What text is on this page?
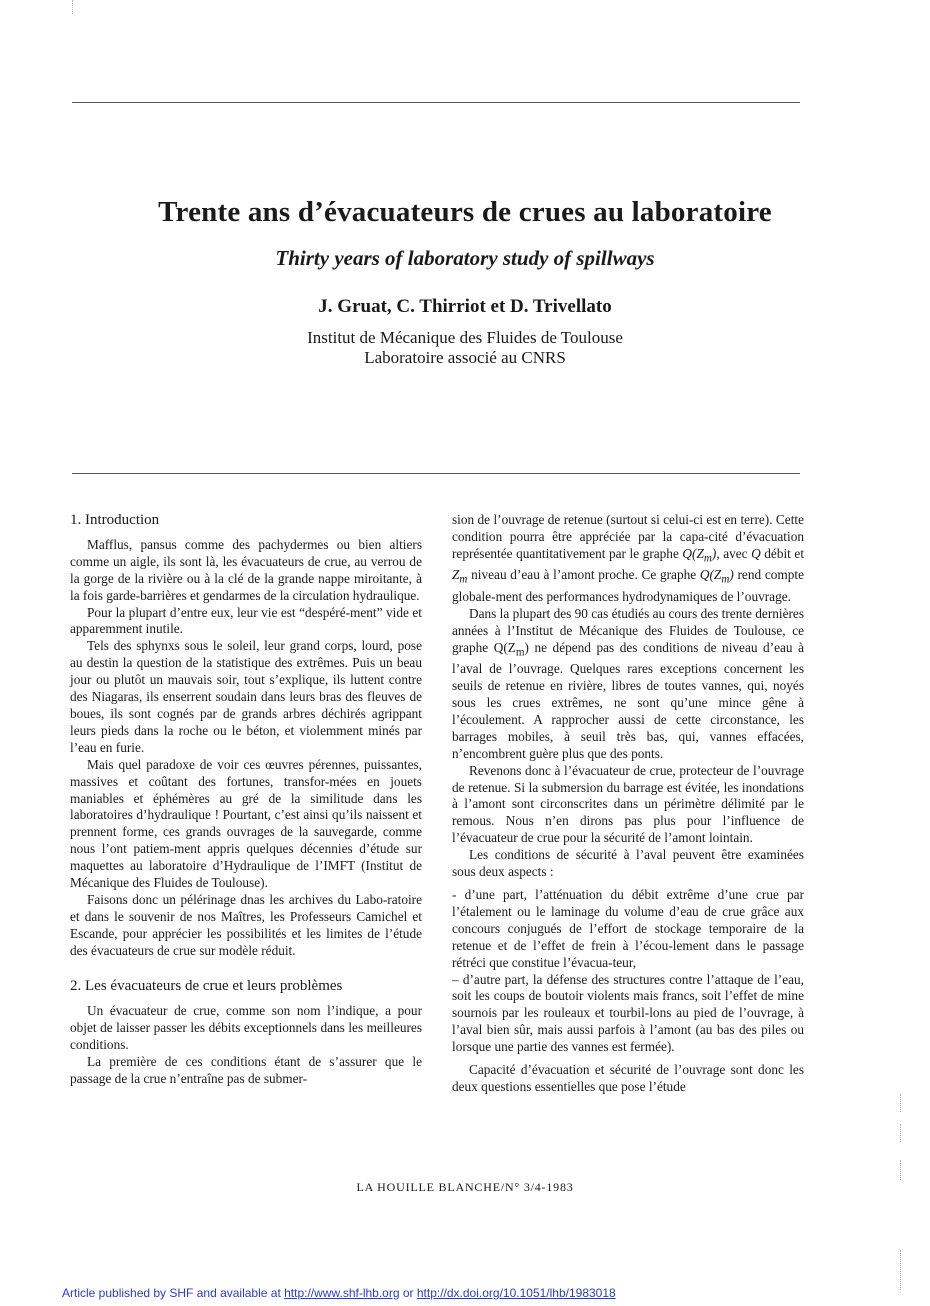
Trente ans d’évacuateurs de crues au laboratoire
Thirty years of laboratory study of spillways
J. Gruat, C. Thirriot et D. Trivellato
Institut de Mécanique des Fluides de Toulouse
Laboratoire associé au CNRS
1. Introduction

Mafflus, pansus comme des pachydermes ou bien altiers comme un aigle, ils sont là, les évacuateurs de crue, au verrou de la gorge de la rivière ou à la clé de la grande nappe miroitante, à la fois garde-barrières et gendarmes de la circulation hydraulique.

Pour la plupart d’entre eux, leur vie est “despéré-ment” vide et apparemment inutile.

Tels des sphynxs sous le soleil, leur grand corps, lourd, pose au destin la question de la statistique des extrêmes. Puis un beau jour ou plutôt un mauvais soir, tout s’explique, ils luttent contre des Niagaras, ils enserrent soudain dans leurs bras des fleuves de boues, ils sont cognés par de grands arbres déchirés agrippant leurs pieds dans la roche ou le béton, et violemment minés par l’eau en furie.

Mais quel paradoxe de voir ces œuvres pérennes, puissantes, massives et coûtant des fortunes, transfor-mées en jouets maniables et éphémères au gré de la similitude dans les laboratoires d’hydraulique ! Pourtant, c’est ainsi qu’ils naissent et prennent forme, ces grands ouvrages de la sauvegarde, comme nous l’ont patiem-ment appris quelques décennies d’étude sur maquettes au laboratoire d’Hydraulique de l’IMFT (Institut de Mécanique des Fluides de Toulouse).

Faisons donc un pélérinage dnas les archives du Labo-ratoire et dans le souvenir de nos Maîtres, les Professeurs Camichel et Escande, pour apprécier les possibilités et les limites de l’étude des évacuateurs de crue sur modèle réduit.

2. Les évacuateurs de crue et leurs problèmes

Un évacuateur de crue, comme son nom l’indique, a pour objet de laisser passer les débits exceptionnels dans les meilleures conditions.

La première de ces conditions étant de s’assurer que le passage de la crue n’entraîne pas de submer-

sion de l’ouvrage de retenue (surtout si celui-ci est en terre). Cette condition pourra être appréciée par la capa-cité d’évacuation représentée quantitativement par le graphe $Q(Z_m)$, avec Q débit et $Z_m$ niveau d’eau à l’amont proche. Ce graphe $Q(Z_m)$ rend compte globale-ment des performances hydrodynamiques de l’ouvrage.

Dans la plupart des 90 cas étudiés au cours des trente dernières années à l’Institut de Mécanique des Fluides de Toulouse, ce graphe $Q(Z_m)$ ne dépend pas des conditions de niveau d’eau à l’aval de l’ouvrage. Quelques rares exceptions concernent les seuils de retenue en rivière, libres de toutes vannes, qui, noyés sous les crues extrêmes, ne sont qu’une mince gêne à l’écoulement. A rapprocher aussi de cette circonstance, les barrages mobiles, à seuil très bas, qui, vannes effacées, n’encombrent guère plus que des ponts.

Revenons donc à l’évacuateur de crue, protecteur de l’ouvrage de retenue. Si la submersion du barrage est évitée, les inondations à l’amont sont circonscrites dans un périmètre délimité par le remous. Nous n’en dirons pas plus pour l’influence de l’évacuateur de crue pour la sécurité de l’amont lointain.

Les conditions de sécurité à l’aval peuvent être examinées sous deux aspects :

- d’une part, l’atténuation du débit extrême d’une crue par l’étalement ou le laminage du volume d’eau de crue grâce aux concours conjugués de l’effort de stockage temporaire de la retenue et de l’effet de frein à l’écou-lement dans le passage rétréci que constitue l’évacua-teur,

– d’autre part, la défense des structures contre l’attaque de l’eau, soit les coups de boutoir violents mais francs, soit l’effet de mine sournois par les rouleaux et tourbil-lons au pied de l’ouvrage, à l’aval bien sûr, mais aussi parfois à l’amont (au bas des piles ou lorsque une partie des vannes est fermée).

Capacité d’évacuation et sécurité de l’ouvrage sont donc les deux questions essentielles que pose l’étude

LA HOUILLE BLANCHE/N° 3/4-1983
Article published by SHF and available at http://www.shf-lhb.org or http://dx.doi.org/10.1051/lhb/1983018
